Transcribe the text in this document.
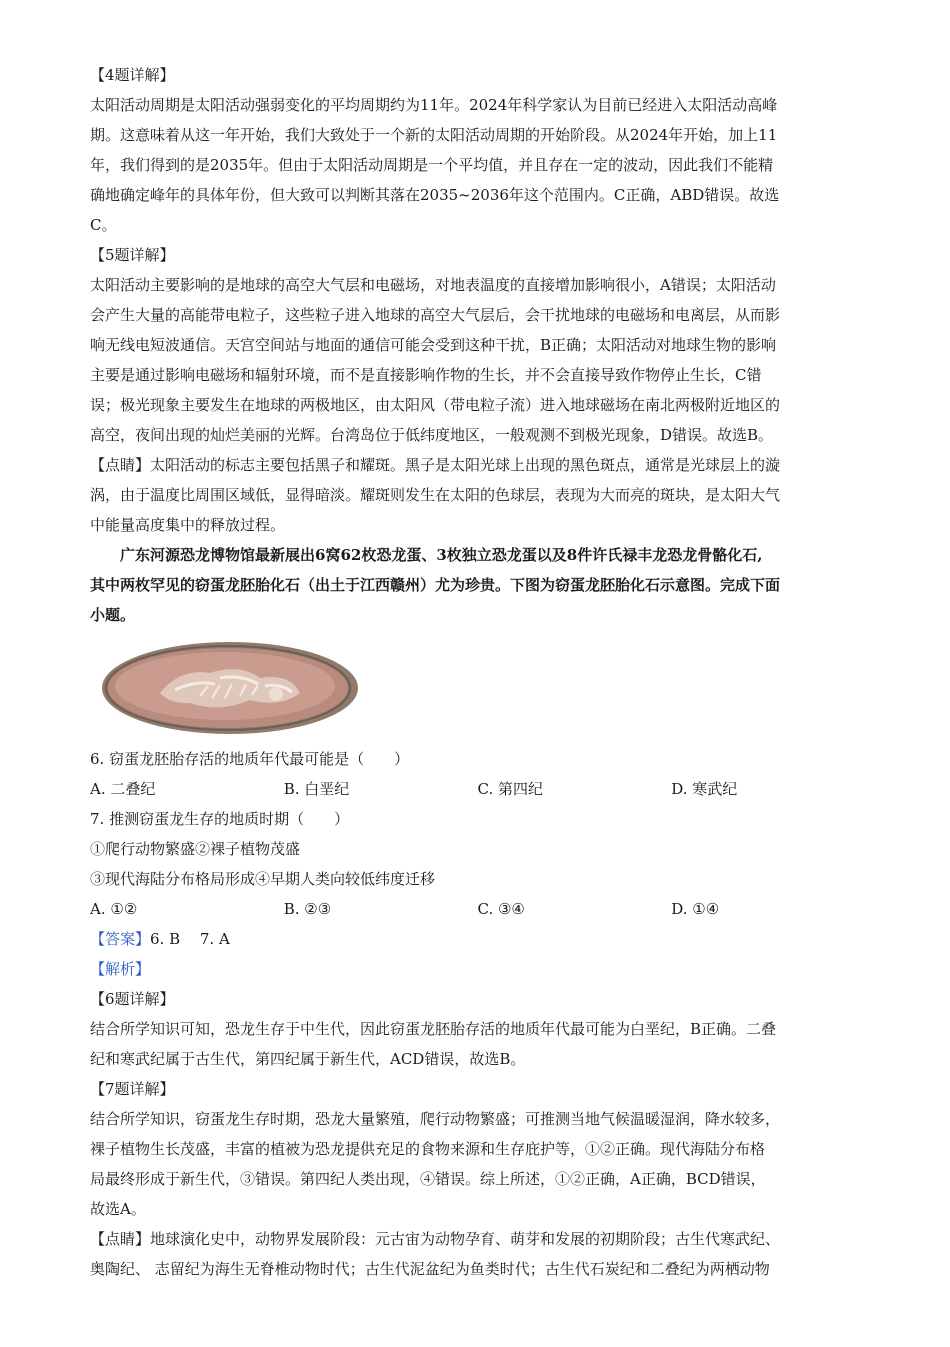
【4题详解】
太阳活动周期是太阳活动强弱变化的平均周期约为11年。2024年科学家认为目前已经进入太阳活动高峰
期。这意味着从这一年开始，我们大致处于一个新的太阳活动周期的开始阶段。从2024年开始，加上11
年，我们得到的是2035年。但由于太阳活动周期是一个平均值，并且存在一定的波动，因此我们不能精
确地确定峰年的具体年份，但大致可以判断其落在2035~2036年这个范围内。C正确，ABD错误。故选
C。
【5题详解】
太阳活动主要影响的是地球的高空大气层和电磁场，对地表温度的直接增加影响很小，A错误；太阳活动
会产生大量的高能带电粒子，这些粒子进入地球的高空大气层后，会干扰地球的电磁场和电离层，从而影
响无线电短波通信。天宫空间站与地面的通信可能会受到这种干扰，B正确；太阳活动对地球生物的影响
主要是通过影响电磁场和辐射环境，而不是直接影响作物的生长，并不会直接导致作物停止生长，C错
误；极光现象主要发生在地球的两极地区，由太阳风（带电粒子流）进入地球磁场在南北两极附近地区的
高空，夜间出现的灿烂美丽的光辉。台湾岛位于低纬度地区，一般观测不到极光现象，D错误。故选B。
【点睛】太阳活动的标志主要包括黑子和耀斑。黑子是太阳光球上出现的黑色斑点，通常是光球层上的漩
涡，由于温度比周围区域低，显得暗淡。耀斑则发生在太阳的色球层，表现为大而亮的斑块，是太阳大气
中能量高度集中的释放过程。
广东河源恐龙博物馆最新展出6窝62枚恐龙蛋、3枚独立恐龙蛋以及8件许氏禄丰龙恐龙骨骼化石,
其中两枚罕见的窃蛋龙胚胎化石（出土于江西赣州）尤为珍贵。下图为窃蛋龙胚胎化石示意图。完成下面
小题。
6. 窃蛋龙胚胎存活的地质年代最可能是（　　）
A. 二叠纪	B. 白垩纪	C. 第四纪	D. 寒武纪
7. 推测窃蛋龙生存的地质时期（　　）
①爬行动物繁盛②裸子植物茂盛
③现代海陆分布格局形成④早期人类向较低纬度迁移
A. ①②	B. ②③	C. ③④	D. ①④
【答案】6. B　 7. A
【解析】
【6题详解】
结合所学知识可知，恐龙生存于中生代，因此窃蛋龙胚胎存活的地质年代最可能为白垩纪，B正确。二叠
纪和寒武纪属于古生代，第四纪属于新生代，ACD错误，故选B。
【7题详解】
结合所学知识，窃蛋龙生存时期，恐龙大量繁殖，爬行动物繁盛；可推测当地气候温暖湿润，降水较多，
裸子植物生长茂盛，丰富的植被为恐龙提供充足的食物来源和生存庇护等，①②正确。现代海陆分布格
局最终形成于新生代，③错误。第四纪人类出现，④错误。综上所述，①②正确，A正确，BCD错误，
故选A。
【点睛】地球演化史中，动物界发展阶段：元古宙为动物孕育、萌芽和发展的初期阶段；古生代寒武纪、
奥陶纪、 志留纪为海生无脊椎动物时代；古生代泥盆纪为鱼类时代；古生代石炭纪和二叠纪为两栖动物
